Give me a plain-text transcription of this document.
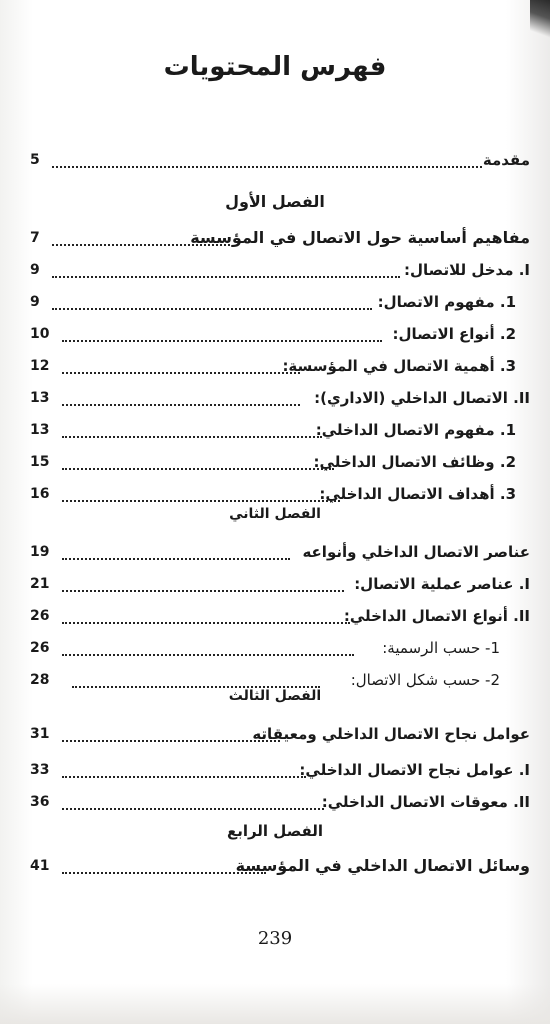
فهرس المحتويات
مقدمة
5
الفصل الأول
مفاهيم أساسية حول الاتصال في المؤسسة
7
I. مدخل للاتصال:
9
1. مفهوم الاتصال:
9
2. أنواع الاتصال:
10
3. أهمية الاتصال في المؤسسة:
12
II. الاتصال الداخلي (الاداري):
13
1. مفهوم الاتصال الداخلي:
13
2. وظائف الاتصال الداخلي:
15
3. أهداف الاتصال الداخلي:
16
الفصل الثاني
عناصر الاتصال الداخلي وأنواعه
19
I. عناصر عملية الاتصال:
21
II. أنواع الاتصال الداخلي:
26
1- حسب الرسمية:
26
2- حسب شكل الاتصال:
28
الفصل الثالث
عوامل نجاح الاتصال الداخلي ومعيقاته
31
I. عوامل نجاح الاتصال الداخلي:
33
II. معوقات الاتصال الداخلي:
36
الفصل الرابع
وسائل الاتصال الداخلي في المؤسسة
41
239
